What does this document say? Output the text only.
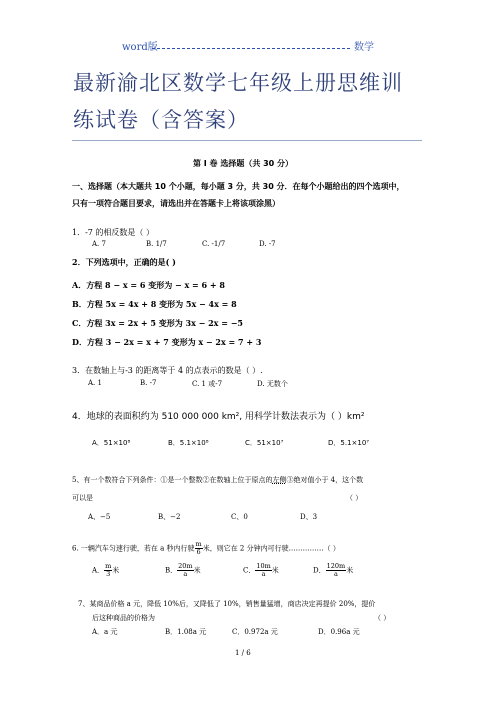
word版	数学
最新渝北区数学七年级上册思维训
练试卷（含答案）
第 I 卷 选择题（共 30 分）
一、选择题（本大题共 10 个小题，每小题 3 分，共 30 分．在每个小题给出的四个选项中，
只有一项符合题目要求，请选出并在答题卡上将该项涂黑）
1．-7 的相反数是（ ）
A. 7	B. 1/7	C. -1/7	D. -7
2．下列选项中，正确的是( )
A．方程 8 − x = 6 变形为 − x = 6 + 8
B．方程 5x = 4x + 8 变形为 5x − 4x = 8
C．方程 3x = 2x + 5 变形为 3x − 2x = −5
D．方程 3 − 2x = x + 7 变形为 x − 2x = 7 + 3
3．在数轴上与-3 的距离等于 4 的点表示的数是（ ）.
A. 1	B. -7	C. 1 或-7	D. 无数个
4．地球的表面积约为 510 000 000 km², 用科学计数法表示为（ ）km²
A．51×10⁸	B．5.1×10⁸	C．51×10⁷	D．5.1×10⁷
5、有一个数符合下列条件：①是一个整数②在数轴上位于原点的左侧③绝对值小于 4，这个数
可以是	（ ）
A、−5	B、−2	C、0	D、3
6. 一辆汽车匀速行驶，若在 a 秒内行驶 $\frac{m}{6}$ 米，则它在 2 分钟内可行驶……………（ ）
A． $\frac{m}{3}$ 米	B． $\frac{20m}{a}$ 米	C． $\frac{10m}{a}$ 米	D． $\frac{120m}{a}$ 米
7、某商品价格 a 元，降低 10%后，又降低了 10%，销售量猛增，商店决定再提价 20%，提价
后这种商品的价格为	（ ）
A．a 元	B．1.08a 元	C．0.972a 元	D．0.96a 元
1 / 6
